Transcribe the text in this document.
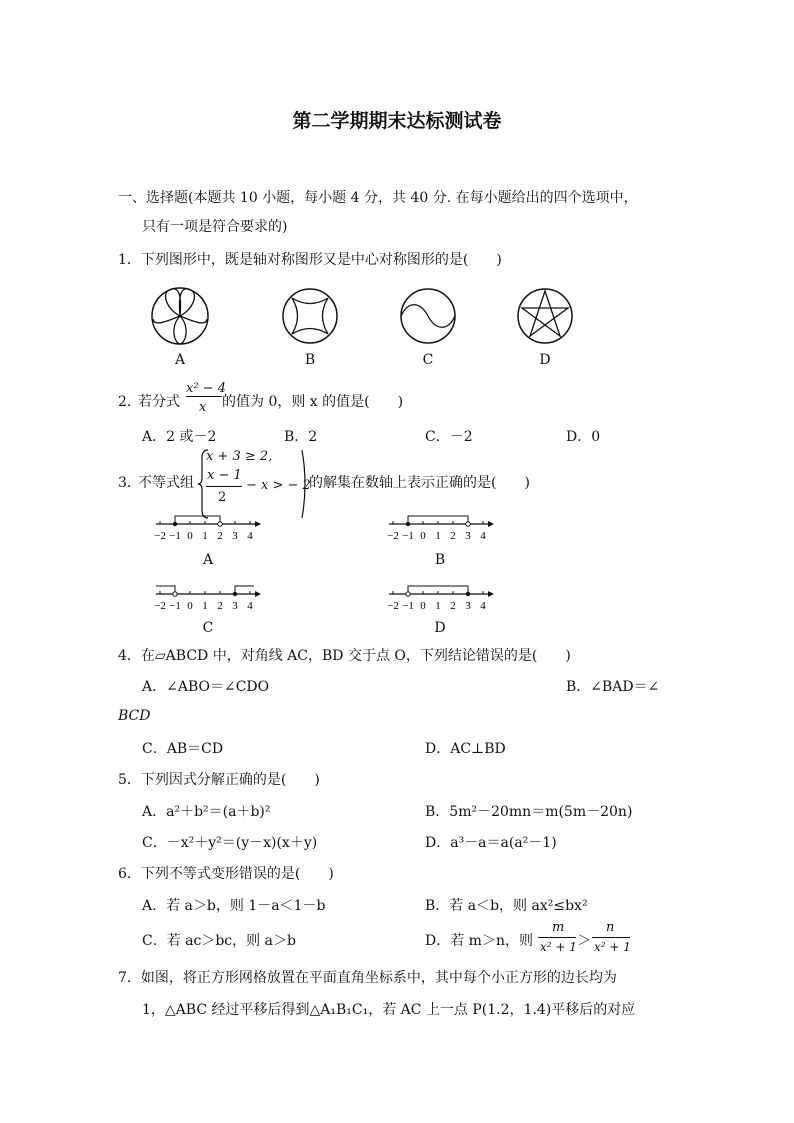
第二学期期末达标测试卷
一、选择题(本题共 10 小题，每小题 4 分，共 40 分. 在每小题给出的四个选项中，
只有一项是符合要求的)
1．下列图形中，既是轴对称图形又是中心对称图形的是(　　)
A	B	C	D
2．
若分式
x² − 4
x 的值为 0，则 x 的值是(　　)
A．2 或－2	B．2	C．－2	D．0
3．
不等式组
x + 3 ≥ 2,
x − 1
2
− x > − 2
的解集在数轴上表示正确的是(　　)
−2 −1 0 1 2 3 4	−2 −1 0 1 2 3 4
A	B
−2 −1 0 1 2 3 4	−2 −1 0 1 2 3 4
C	D
4．在▱ABCD 中，对角线 AC，BD 交于点 O，下列结论错误的是(　　)
A．∠ABO＝∠CDO	B．∠BAD＝∠
BCD
C．AB＝CD	D．AC⊥BD
5．下列因式分解正确的是(　　)
A．a²＋b²＝(a＋b)²	B．5m²－20mn＝m(5m－20n)
C．－x²＋y²＝(y－x)(x＋y)	D．a³－a＝a(a²－1)
6．下列不等式变形错误的是(　　)
A．若 a＞b，则 1－a＜1－b	B．若 a＜b，则 ax²≤bx²
C．若 ac＞bc，则 a＞b	D．若 m＞n，则
m
x² + 1 ＞
n
x² + 1
7．如图，将正方形网格放置在平面直角坐标系中，其中每个小正方形的边长均为
1，△ABC 经过平移后得到△A₁B₁C₁，若 AC 上一点 P(1.2，1.4)平移后的对应
